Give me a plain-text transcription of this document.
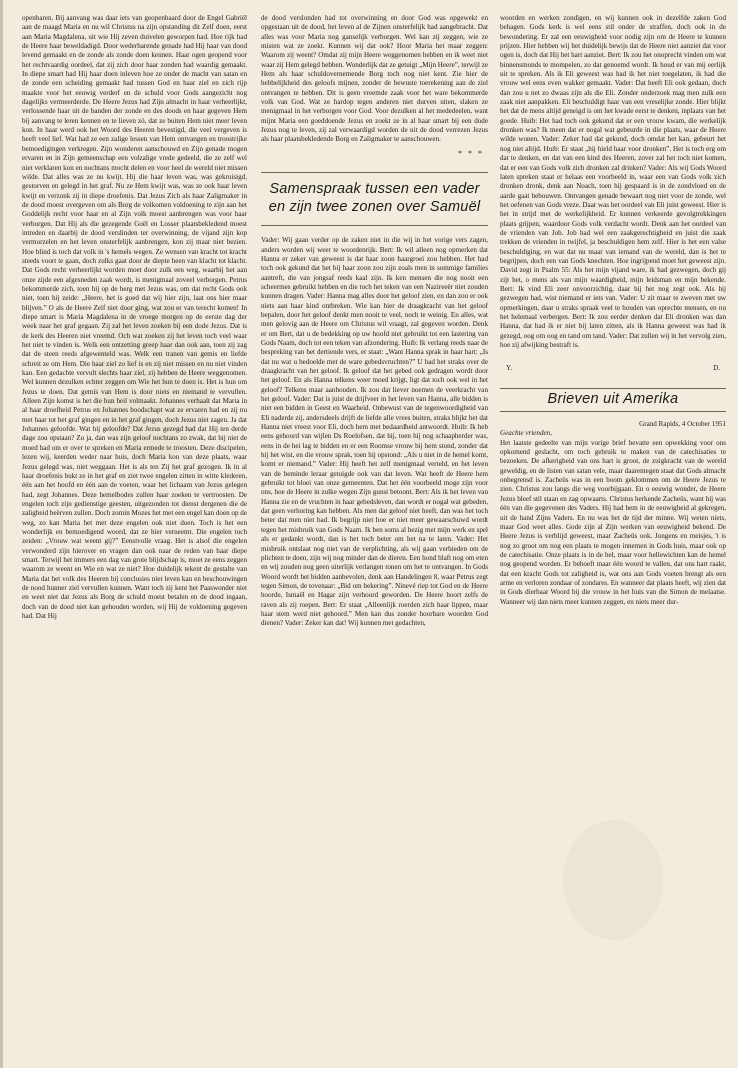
openbaren. Bij aanvang was daar iets van geopenbaard door de Engel Gabriël aan de maagd Maria en nu wil Christus na zijn opstanding dit Zelf doen, eerst aan Maria Magdalena, uit wie Hij zeven duivelen geworpen had. Hoe rijk had de Heere haar beweldadigd. Door wederbarende genade had Hij haar van dood levend gemaakt en de zonde als zonde doen kennen. Haar ogen geopend voor het rechtvaardig oordeel, dat zij zich door haar zonden had waardig gemaakt. In diepe smart had Hij haar doen inleven hoe ze onder de macht van satan en de zonde een scheiding gemaakt had tussen God en haar ziel en zich rijp maakte voor het eeuwig verderf en de schuld voor Gods aangezicht nog dagelijks vermeerderde. De Heere Jezus had Zijn almacht in haar verheerlijkt, verlossende haar uit de banden der zonde en des doods en haar gegeven Hem bij aanvang te leren kennen en te lieven zó, dat ze buiten Hem niet meer leven kon. In haar werd ook het Woord des Heeren bevestigd, die veel vergeven is heeft veel lief. Wat had ze een zalige lessen van Hem ontvangen en troostrijke bemoedigingen verkregen. Zijn wonderen aanschouwd en Zijn genade mogen ervaren en in Zijn gemeenschap een volzalige vrede gedeeld, die ze zelf wel niet verklaren kon en nochtans mocht delen en voor heel de wereld niet missen wilde. Dat alles was ze nu kwijt. Hij die haar leven was, was gekruisigd, gestorven en gelegd in het graf. Nu ze Hem kwijt was, was ze ook haar leven kwijt en verzonk zij in diepe droefenis. Dat Jezus Zich als haar Zaligmaker in de dood moest overgeven om als Borg de volkomen voldoening te zijn aan het Goddelijk recht voor haar en al Zijn volk moest aanbrengen was voor haar verborgen. Dat Hij als die gezegende Goël en Losser plaatsbekledend moest intreden en daarbij de dood verslinden ter overwinning, de vijand zijn kop vermorzelen en het leven onsterfelijk aanbrengen, kon zij maar niet bezien. Hoe blind is toch dat volk in 's hemels wegen. Ze wensen van kracht tot kracht steeds voort te gaan, doch zulks gaat door de diepte heen van klacht tot klacht. Dat Gods recht verheerlijkt worden moet door zulk een weg, waarbij het aan onze zijde een afgesneden zaak wordt, is menigmaal zoveel verborgen. Petrus bekommerde zich, toen hij op de berg met Jezus was, om dat recht Gods ook niet, toen hij zeide: „Heere, het is goed dat wij hier zijn, laat ons hier maar blijven.” O als de Heere Zelf niet door ging, wat zou er van terecht komen! In diepe smart is Maria Magdalena in de vroege morgen op de eerste dag der week naar het graf gegaan. Zij zal het leven zoeken bij een dode Jezus. Dat is de kerk des Heeren niet vreemd. Och wat zoeken zij het leven toch veel waar het niet te vinden is. Welk een ontzetting greep haar dan ook aan, toen zij zag dat de steen reeds afgewenteld was. Welk een tranen van gemis en liefde schreit ze om Hem. Die haar ziel zo lief is en zij niet missen en nu niet vinden kan. Een gedachte vervult slechts haar ziel, zij hebben de Heere weggenomen. Wel kunnen dezulken echter zeggen om Wie het hun te doen is. Het is hun om Jezus te doen. Dat gemis van Hem is door niets en niemand te vervullen. Alleen Zijn komst is het die hun heil volmaakt. Johannes verhaalt dat Maria in al haar droefheid Petrus en Johannes boodschapt wat ze ervaren had en zij nu met haar tot het graf gingen en in het graf gingen, doch Jezus niet zagen. Ja dat Johannes geloofde. Wat hij geloofde? Dat Jezus gezegd had dat Hij ten derde dage zou opstaan? Zo ja, dan was zijn geloof nochtans zo zwak, dat hij niet de moed had om er over te spreken en Maria ermede te troosten. Deze discipelen, lezen wij, keerden weder naar huis, doch Maria kon van deze plaats, waar Jezus gelegd was, niet weggaan. Het is als ten Zij het graf gezogen. Ik in al haar droefenis bukt ze in het graf en ziet twee engelen zitten in witte klederen, één aan het hoofd en één aan de voeten, waar het lichaam van Jezus gelegen had, zegt Johannes. Deze hemelbodes zullen haar zoeken te vertroosten. De engelen toch zijn gedienstige geesten, uitgezonden tot dienst dergenen die de zaligheid beërven zullen. Doch zomin Mozes het met een engel kan doen op de weg, zo kan Maria het met deze engelen ook niet doen. Toch is het een wonderlijk en bemoedigend woord, dat ze hier verneemt. Die engelen toch zeiden: „Vrouw wat weent gij?” Eenstvolle vraag. Het is alsof die engelen verwonderd zijn hierover en vragen dan ook naar de reden van haar diepe smart. Terwijl het immers een dag van grote blijdschap is, moet ze eens zeggen waarom ze weent en Wie en wat ze niet? Hoe duidelijk tekent de gestalte van Maria dat het volk des Heeren bij conclusies niet leven kan en beschouwingen de nood hunner ziel vervullen kunnen. Want toch zij kent het Paaswonder niet en weet niet dat Jezus als Borg de schuld moest betalen en de dood ingaan, doch van de dood niet kan gehouden worden, wij Hij de voldoening gegeven had. Dat Hij

de dood verslonden had tot overwinning en door God was opgewekt en opgestaan uit de dood, het leven al de Zijnen onsterfelijk had aangebracht. Dat alles was voor Maria nog ganselijk verborgen. Wel kan zij zeggen, wie ze misten wat ze zoekt. Kunnen wij dat ook? Hoor Maria het maar zeggen: Waarom zij weent? Omdat zij mijn Heere weggenomen hebben en ik weet niet waar zij Hem gelegd hebben. Wonderlijk dat ze getuigt „Mijn Heere”, terwijl ze Hem als haar schuldovernemende Borg toch nog niet kent. Zie hier de hebbelijkheid des geloofs mijnen, zonder de bewuste toerekening aan de ziel ontvangen te hebben. Dit is geen vreemde zaak voor het ware bekommerde volk van God. Wat ze hardop tegen anderen niet durven uiten, slaken ze menigmaal in het verborgen voor God. Voor dezulken al het mededeelen, want mijnt Maria een goeddoende Jezus en zoekt ze in al haar smart bij een dode Jezus nog te leven, zij zal verwaardigd worden de uit de dood verrezen Jezus als haar plaatsbekledende Borg en Zaligmaker te aanschouwen.

* * *
Samenspraak tussen een vader en zijn twee zonen over Samuël

Vader: Wij gaan verder op de zaken niet in die wij in het vorige vers zagen, anders worden wij weer te woordenrijk. Bert: Ik wil alleen nog opmerken dat Hanna er zeker van geweest is dat haar zoon haargroei zou hebben. Het had toch ook gekund dat het bij haar zoon zou zijn zoals men in sommige families aantreft, die van jongsaf reeds kaal zijn. Ik ken mensen die nog nooit een scheermes gebruikt hebben en die toch het teken van een Nazireeër niet zouden kunnen dragen. Vader: Hanna mag alles door het geloof zien, en dan zou er ook niets aan haar kind ontbreken. Wie kan hier de draagkracht van het geloof bepalen, door het geloof denkt men nooit te veel, noch te weinig. En alles, wat men gelovig aan de Heere om Christus wil vraagt, zal gegeven worden. Denk er om Bert, dat u de bedekking op uw hoofd niet gebruikt tot een lastering van Gods Naam, doch tot een teken van afzondering. Huib: Ik verlang reeds naar de bespreking van het dertiende vers, er staat: „Want Hanna sprak in haar hart: „Is dat nu wat u bedoelde met de ware gebedsvruchten?” U had het straks over de draagkracht van het geloof. Ik geloof dat het gebed ook gedragen wordt door het geloof. En als Hanna telkens weer moed krijgt, ligt dat toch ook wel in het geloof? Telkens maar aanhouden. Ik zou dat liever noemen de veerkracht van het geloof. Vader: Dat is juist de drijfveer in het leven van Hanna, alle bidden is niet een bidden in Geest en Waarheid. Onbewust van de tegenwoordigheid van Eli naderde zij, andersdeels drijft de liefde alle vrees buiten, straks blijkt het dat Hanna niet vreest voor Eli, doch hem met bedaardheid antwoordt. Huib: Ik heb eens gehoord van wijlen Ds Roelofsen, dat hij, toen hij nog schaapherder was, eens in de hei lag te bidden en er een Roomse vrouw bij hem stond, zonder dat hij het wist, en die vrouw sprak, toen hij opstond: „Als u niet in de hemel komt, komt er niemand.” Vader: Hij heeft het zelf menigmaal verteld, en het leven van de beminde leraar getuigde ook van dat leven. Wat heeft de Heere hem gebruikt tot bloei van onze gemeenten. Dat het één voorbeeld moge zijn voor ons, hoe de Heere in zulke wegen Zijn gunst betoont. Bert: Als ik het leven van Hanna zie en de vruchten in haar gebedsleven, dan wordt er nogal wat gebeden, dat geen verhoring kan hebben. Als men dat geloof niet heeft, dan was het toch beter dat men niet bad. Ik begrijp niet hoe er niet meer gewaarschuwd wordt tegen het misbruik van Gods Naam. Ik ben soms al bezig met mijn werk en spel als er gedankt wordt, dan is het toch beter om het na te laten. Vader: Het misbruik ontslaat nog niet van de verplichting, als wij gaan verbieden om de plichten te doen, zijn wij nog minder dan de dieren. Een hond blaft nog om eten en wij zouden nog geen uiterlijk verlangen tonen om het te ontvangen. In Gods Woord wordt het bidden aanbevolen, denk aan Handelingen 8, waar Petrus zegt tegen Simon, de tovenaar: „Bid om bekering”. Ninevé riep tot God en de Heere hoorde, Ismaël en Hagar zijn verhoord geworden. De Heere hoort zelfs de raven als zij roepen. Bert: Er staat „Alleenlijk roerden zich haar lippen, maar haar stem werd niet gehoord.” Men kan dus zonder hoorbare woorden God dienen? Vader: Zeker kan dat! Wij kunnen met gedachten,

woorden en werken zondigen, en wij kunnen ook in dezelfde zaken God behagen. Gods kerk is wel eens stil onder de straffen, doch ook in de bewondering. Er zal een eeuwigheid voor nodig zijn om de Heere te kunnen prijzen. Hier hebben wij het duidelijk bewijs dat de Heere niet aanziet dat voor ogen is, doch dat Hij het hart aanziet. Bert: Ik zou het onoprecht vinden om wat binnensmonds te mompelen, zo dat genoemd wordt. Ik houd er van mij eerlijk uit te spreken. Als ik Eli geweest was had ik het niet toegelaten, ik had die vrouw wel eens even wakker gemaakt. Vader: Dat heeft Eli ook gedaan, doch dan zou u net zo dwaas zijn als die Eli. Zonder onderzoek mag men zulk een zaak niet aanpakken. Eli beschuldigt haar van een vreselijke zonde. Hier blijkt het dat de mens altijd geneigd is om het kwade eerst te denken, inplaats van het goede. Huib: Het had toch ook gekund dat er een vrouw kwam, die werkelijk dronken was? Ik meen dat er nogal wat gebeurde in die plaats, waar de Heere wilde wonen. Vader: Zeker had dat gekund, doch omdat het kan, gebeurt het nog niet altijd. Huib: Er staat „hij hield haar voor dronken”. Het is toch erg om dat te denken, en dat van een kind des Heeren, zover zal het toch niet komen, dat er een van Gods volk zich dronken zal drinken? Vader: Als wij Gods Woord laten spreken staat er helaas een voorbeeld in, waar een van Gods volk zich dronken dronk, denk aan Noach, toen hij gespaard is in de zondvloed en de aarde gaat bebouwen. Ontvangen genade bewaart nog niet voor de zonde, wel het oefenen van Gods vreze. Daar was het oordeel van Eli juist geweest. Hier is het in strijd met de werkelijkheid. Er kunnen verkeerde gevolgtrekkingen plaats grijpen, waardoor Gods volk verdacht wordt. Denk aan het oordeel van de vrienden van Job. Job had wel een zaakgerechtigheid en juist die zaak trekken de vrienden in twijfel, ja beschuldigen hem zelf. Hier is het een valse beschuldiging, en wat dat nu maar van iemand van de wereld, dan is het te begrijpen, doch een van Gods knechten. Hoe ingrijpend moet het geweest zijn. David zegt in Psalm 55: Als het mijn vijand ware, ik had gezwegen, doch gij zijt het, o mens als van mijn waardigheid, mijn leidsman en mijn bekende. Bert: Ik vind Eli zeer onvoorzichtig, daar hij het nog zegt ook. Als hij gezwegen had, wist niemand er iets van. Vader: U zit maar te zweven met uw opmerkingen, daar u straks spraak veel te houden van oprechte mensen, en nu het helemaal verbergen. Bert: Ik zou eerder denken dat Eli dronken was dan Hanna, dat had ik er niet bij laten zitten, als ik Hanna geweest was had ik gezegd, oog om oog en tand om tand. Vader: Dat zullen wij in het vervolg zien, hoe zij afwijking bestraft is.

Y.	D.
Brieven uit Amerika

Grand Rapids, 4 October 1951

Geachte vrienden,

Het laatste gedeelte van mijn vorige brief bevatte een opwekking voor ons opkomend geslacht, om toch gebruik te maken van de catechisaties te bezoeken. De afkerigheid van ons hart is groot, de zuigkracht van de wereld geweldig, en de listen van satan vele, maar daarentegen staat dat Gods almacht onbegrensd is. Zacheüs was in een boom geklommen om de Heere Jezus te zien. Christus zou langs die weg voorbijgaan. En o eeuwig wonder, de Heere Jezus bleef stil staan en zag opwaarts. Christus herkende Zacheüs, want hij was één van die gegevenen des Vaders. Hij had hem in de eeuwigheid al gekregen, uit de hand Zijns Vaders. En nu was het de tijd der minne. Wij weten niets, maar God weet alles. Gode zijn al Zijn werken van eeuwigheid bekend. De Heere Jezus is verblijd geweest, maar Zacheüs ook. Jongens en meisjes, 't is nog zo groot om nog een plaats te mogen innemen in Gods huis, maar ook op de catechisatie. Onze plaats is in de hel, maar voor hellewichten kan de hemel nog geopend worden. Er behoeft maar één woord te vallen, dat ons hart raakt, dat een kracht Gods tot zaligheid is, wat ons aan Gods voeten brengt als een arme en verloren zondaar of zondares. En wanneer dat plaats heeft, wij zien dat in Gods dierbaar Woord bij die vrouw in het huis van die Simon de melaatse. Wanneer wij dan niets meer kunnen zeggen, en niets meer dur-
